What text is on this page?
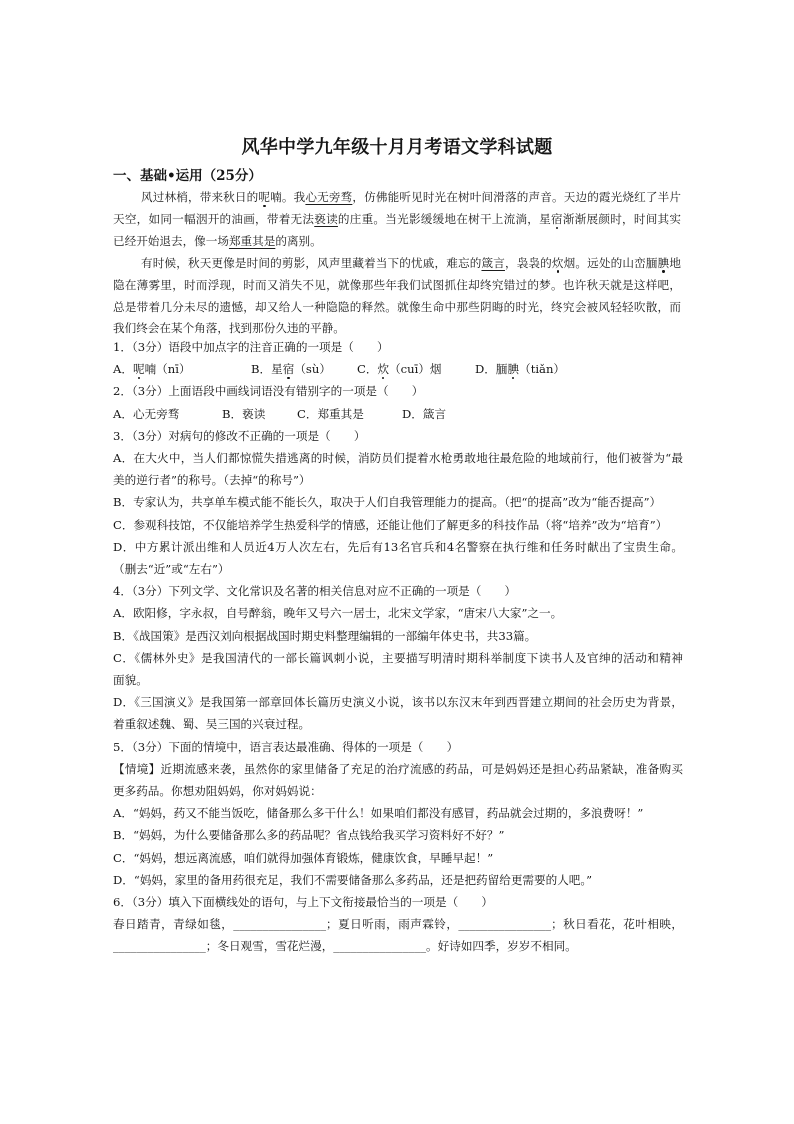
风华中学九年级十月月考语文学科试题
一、基础•运用（25分）
风过林梢，带来秋日的呢喃。我心无旁骛，仿佛能听见时光在树叶间滑落的声音。天边的霞光烧红了半片
天空，如同一幅洇开的油画，带着无法亵读的庄重。当光影缓缓地在树干上流淌，星宿渐渐展颜时，时间其实
已经开始退去，像一场郑重其是的离别。
有时候，秋天更像是时间的剪影，风声里藏着当下的忧戚，难忘的箴言，袅袅的炊烟。远处的山峦腼腆地
隐在薄雾里，时而浮现，时而又消失不见，就像那些年我们试图抓住却终究错过的梦。也许秋天就是这样吧，
总是带着几分未尽的遗憾，却又给人一种隐隐的释然。就像生命中那些阴晦的时光，终究会被风轻轻吹散，而
我们终会在某个角落，找到那份久违的平静。
1．（3分）语段中加点字的注音正确的一项是（　　）
A．呢喃（nī）	B．星宿（sù）	C．炊（cuī）烟	D．腼腆（tiǎn）
2．（3分）上面语段中画线词语没有错别字的一项是（　　）
A．心无旁骛	B．亵读	C．郑重其是	D．箴言
3．（3分）对病句的修改不正确的一项是（　　）
A．在大火中，当人们都惊慌失措逃离的时候，消防员们提着水枪勇敢地往最危险的地域前行，他们被誉为“最
美的逆行者”的称号。（去掉“的称号”）
B．专家认为，共享单车模式能不能长久，取决于人们自我管理能力的提高。（把“的提高”改为“能否提高”）
C．参观科技馆，不仅能培养学生热爱科学的情感，还能让他们了解更多的科技作品（将“培养”改为“培育”）
D．中方累计派出维和人员近4万人次左右，先后有13名官兵和4名警察在执行维和任务时献出了宝贵生命。
（删去“近”或“左右”）
4．（3分）下列文学、文化常识及名著的相关信息对应不正确的一项是（　　）
A．欧阳修，字永叔，自号醉翁，晚年又号六一居士，北宋文学家，“唐宋八大家”之一。
B．《战国策》是西汉刘向根据战国时期史料整理编辑的一部编年体史书，共33篇。
C．《儒林外史》是我国清代的一部长篇讽刺小说，主要描写明清时期科举制度下读书人及官绅的活动和精神
面貌。
D．《三国演义》是我国第一部章回体长篇历史演义小说，该书以东汉末年到西晋建立期间的社会历史为背景，
着重叙述魏、蜀、吴三国的兴衰过程。
5．（3分）下面的情境中，语言表达最准确、得体的一项是（　　）
【情境】近期流感来袭，虽然你的家里储备了充足的治疗流感的药品，可是妈妈还是担心药品紧缺，准备购买
更多药品。你想劝阻妈妈，你对妈妈说：
A．“妈妈，药又不能当饭吃，储备那么多干什么！如果咱们都没有感冒，药品就会过期的，多浪费呀！”
B．“妈妈，为什么要储备那么多的药品呢？省点钱给我买学习资料好不好？”
C．“妈妈，想远离流感，咱们就得加强体育锻炼，健康饮食，早睡早起！”
D．“妈妈，家里的备用药很充足，我们不需要储备那么多药品，还是把药留给更需要的人吧。”
6．（3分）填入下面横线处的语句，与上下文衔接最恰当的一项是（　　）
春日踏青，青绿如毯，________________；夏日听雨，雨声霖铃，________________；秋日看花，花叶相映，
________________；冬日观雪，雪花烂漫，________________。好诗如四季，岁岁不相同。
